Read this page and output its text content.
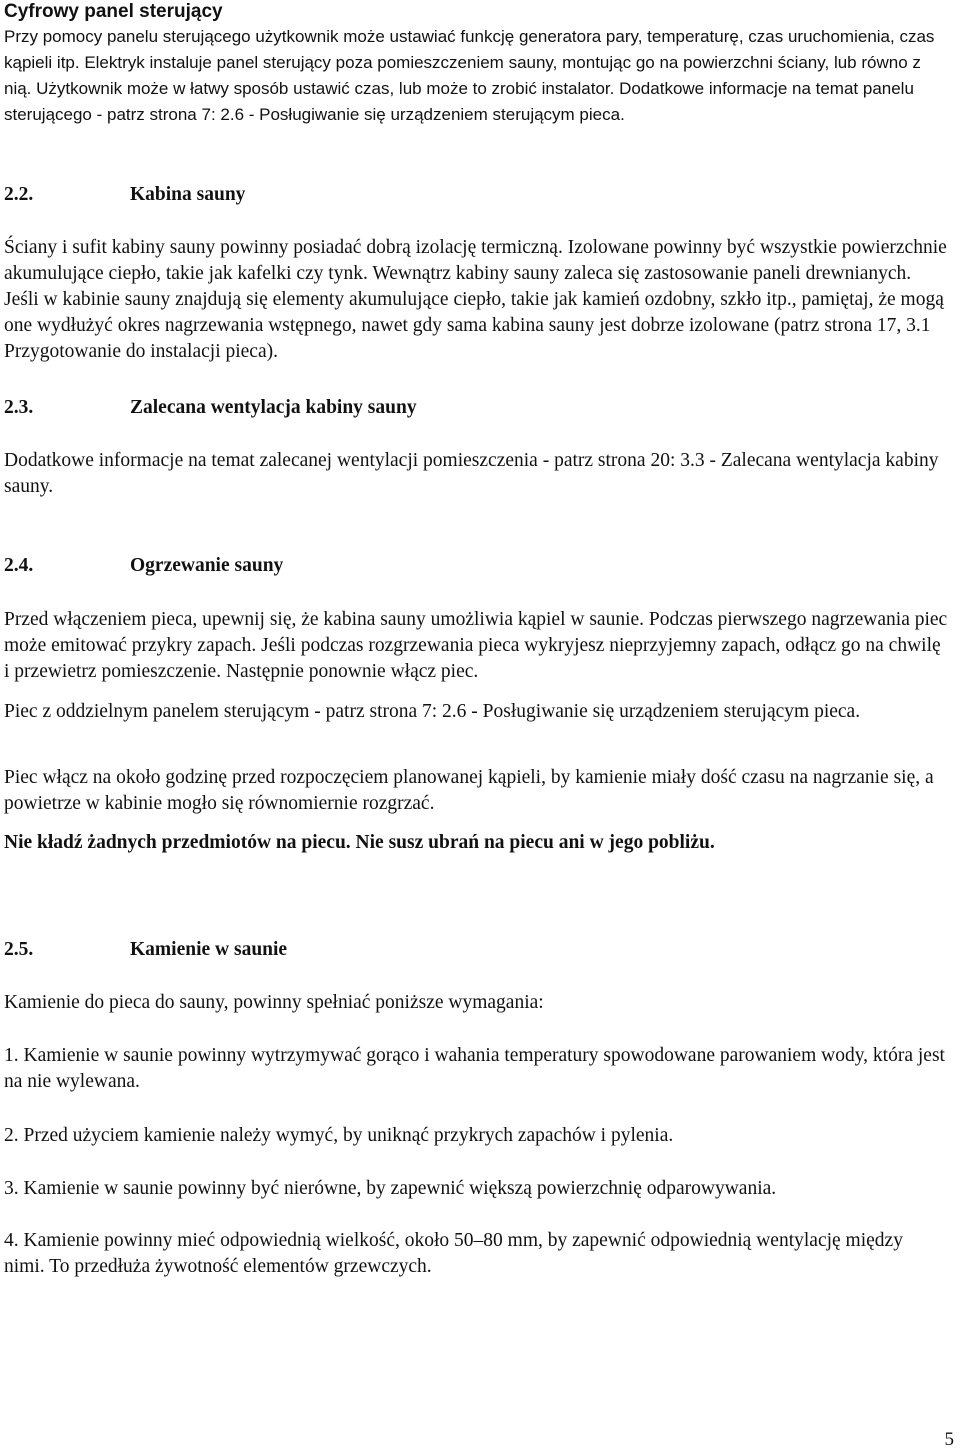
Cyfrowy panel sterujący

Przy pomocy panelu sterującego użytkownik może ustawiać funkcję generatora pary, temperaturę, czas uruchomienia, czas kąpieli itp. Elektryk instaluje panel sterujący poza pomieszczeniem sauny, montując go na powierzchni ściany, lub równo z nią. Użytkownik może w łatwy sposób ustawić czas, lub może to zrobić instalator. Dodatkowe informacje na temat panelu sterującego - patrz strona 7: 2.6 - Posługiwanie się urządzeniem sterującym pieca.

2.2.	Kabina sauny

Ściany i sufit kabiny sauny powinny posiadać dobrą izolację termiczną. Izolowane powinny być wszystkie powierzchnie akumulujące ciepło, takie jak kafelki czy tynk. Wewnątrz kabiny sauny zaleca się zastosowanie paneli drewnianych. Jeśli w kabinie sauny znajdują się elementy akumulujące ciepło, takie jak kamień ozdobny, szkło itp., pamiętaj, że mogą one wydłużyć okres nagrzewania wstępnego, nawet gdy sama kabina sauny jest dobrze izolowane (patrz strona 17, 3.1 Przygotowanie do instalacji pieca).

2.3.	Zalecana wentylacja kabiny sauny

Dodatkowe informacje na temat zalecanej wentylacji pomieszczenia - patrz strona 20: 3.3 - Zalecana wentylacja kabiny sauny.

2.4.	Ogrzewanie sauny

Przed włączeniem pieca, upewnij się, że kabina sauny umożliwia kąpiel w saunie. Podczas pierwszego nagrzewania piec może emitować przykry zapach. Jeśli podczas rozgrzewania pieca wykryjesz nieprzyjemny zapach, odłącz go na chwilę i przewietrz pomieszczenie. Następnie ponownie włącz piec.

Piec z oddzielnym panelem sterującym - patrz strona 7: 2.6 - Posługiwanie się urządzeniem sterującym pieca.

Piec włącz na około godzinę przed rozpoczęciem planowanej kąpieli, by kamienie miały dość czasu na nagrzanie się, a powietrze w kabinie mogło się równomiernie rozgrzać.

Nie kładź żadnych przedmiotów na piecu. Nie susz ubrań na piecu ani w jego pobliżu.

2.5.	Kamienie w saunie

Kamienie do pieca do sauny, powinny spełniać poniższe wymagania:

1. Kamienie w saunie powinny wytrzymywać gorąco i wahania temperatury spowodowane parowaniem wody, która jest na nie wylewana.

2. Przed użyciem kamienie należy wymyć, by uniknąć przykrych zapachów i pylenia.

3. Kamienie w saunie powinny być nierówne, by zapewnić większą powierzchnię odparowywania.

4. Kamienie powinny mieć odpowiednią wielkość, około 50–80 mm, by zapewnić odpowiednią wentylację między nimi. To przedłuża żywotność elementów grzewczych.

5
